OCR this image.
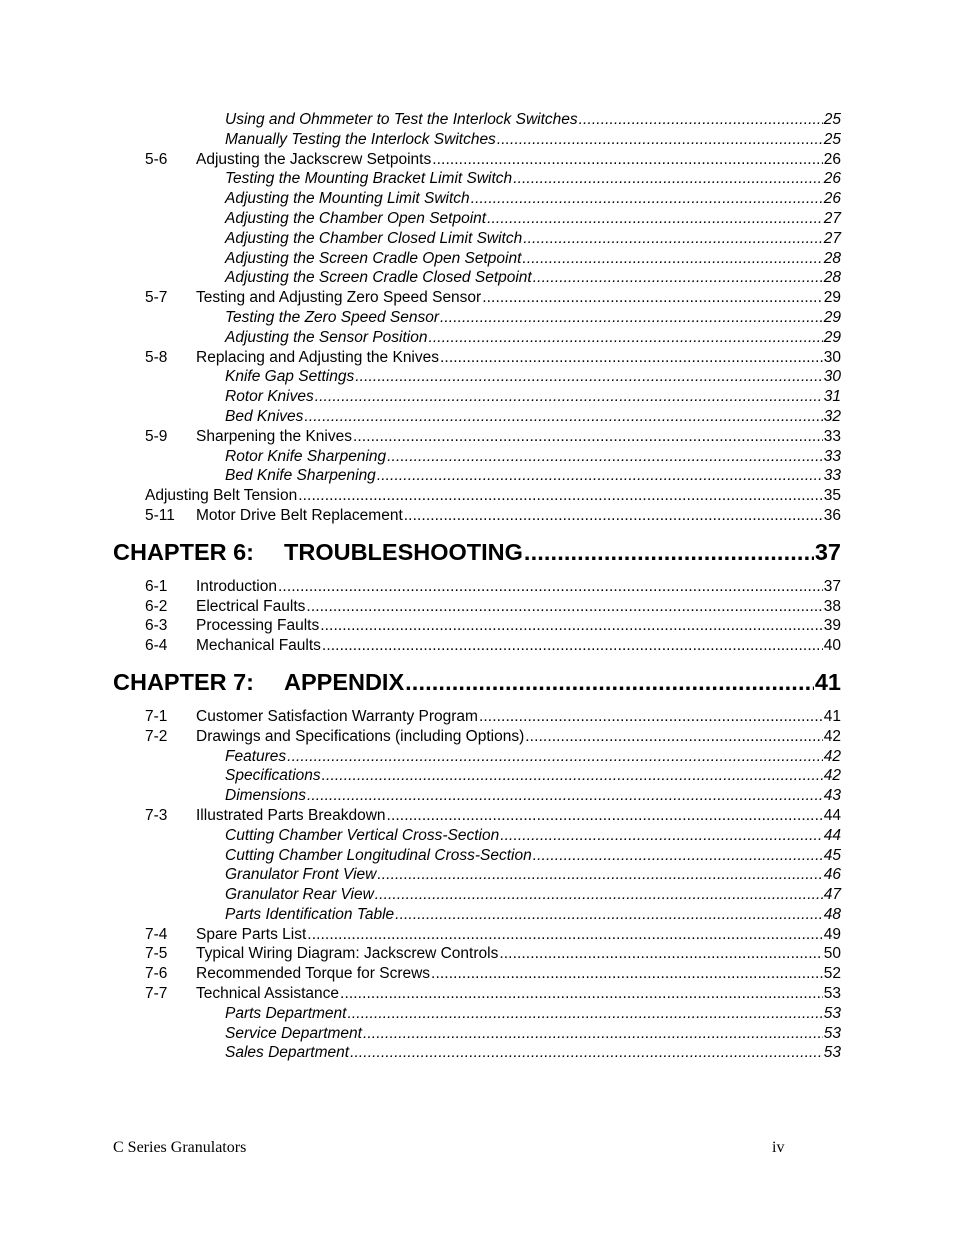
Using and Ohmmeter to Test the Interlock Switches . . .	25
Manually Testing the Interlock Switches . . .	25
5-6	Adjusting the Jackscrew Setpoints . . .	26
Testing the Mounting Bracket Limit Switch . . .	26
Adjusting the Mounting Limit Switch . . .	26
Adjusting the Chamber Open Setpoint . . .	27
Adjusting the Chamber Closed Limit Switch . . .	27
Adjusting the Screen Cradle Open Setpoint . . .	28
Adjusting the Screen Cradle Closed Setpoint . . .	28
5-7	Testing and Adjusting Zero Speed Sensor . . .	29
Testing the Zero Speed Sensor . . .	29
Adjusting the Sensor Position . . .	29
5-8	Replacing and Adjusting the Knives . . .	30
Knife Gap Settings . . .	30
Rotor Knives . . .	31
Bed Knives . . .	32
5-9	Sharpening the Knives . . .	33
Rotor Knife Sharpening . . .	33
Bed Knife Sharpening . . .	33
Adjusting Belt Tension . . .	35
5-11	Motor Drive Belt Replacement . . .	36
CHAPTER 6:	TROUBLESHOOTING . . .	37
6-1	Introduction . . .	37
6-2	Electrical Faults . . .	38
6-3	Processing Faults . . .	39
6-4	Mechanical Faults . . .	40
CHAPTER 7:	APPENDIX . . .	41
7-1	Customer Satisfaction Warranty Program . . .	41
7-2	Drawings and Specifications (including Options) . . .	42
Features . . .	42
Specifications . . .	42
Dimensions . . .	43
7-3	Illustrated Parts Breakdown . . .	44
Cutting Chamber Vertical Cross-Section . . .	44
Cutting Chamber Longitudinal Cross-Section . . .	45
Granulator Front View . . .	46
Granulator Rear View . . .	47
Parts Identification Table . . .	48
7-4	Spare Parts List . . .	49
7-5	Typical Wiring Diagram: Jackscrew Controls . . .	50
7-6	Recommended Torque for Screws . . .	52
7-7	Technical Assistance . . .	53
Parts Department . . .	53
Service Department . . .	53
Sales Department . . .	53
C Series Granulators	iv
